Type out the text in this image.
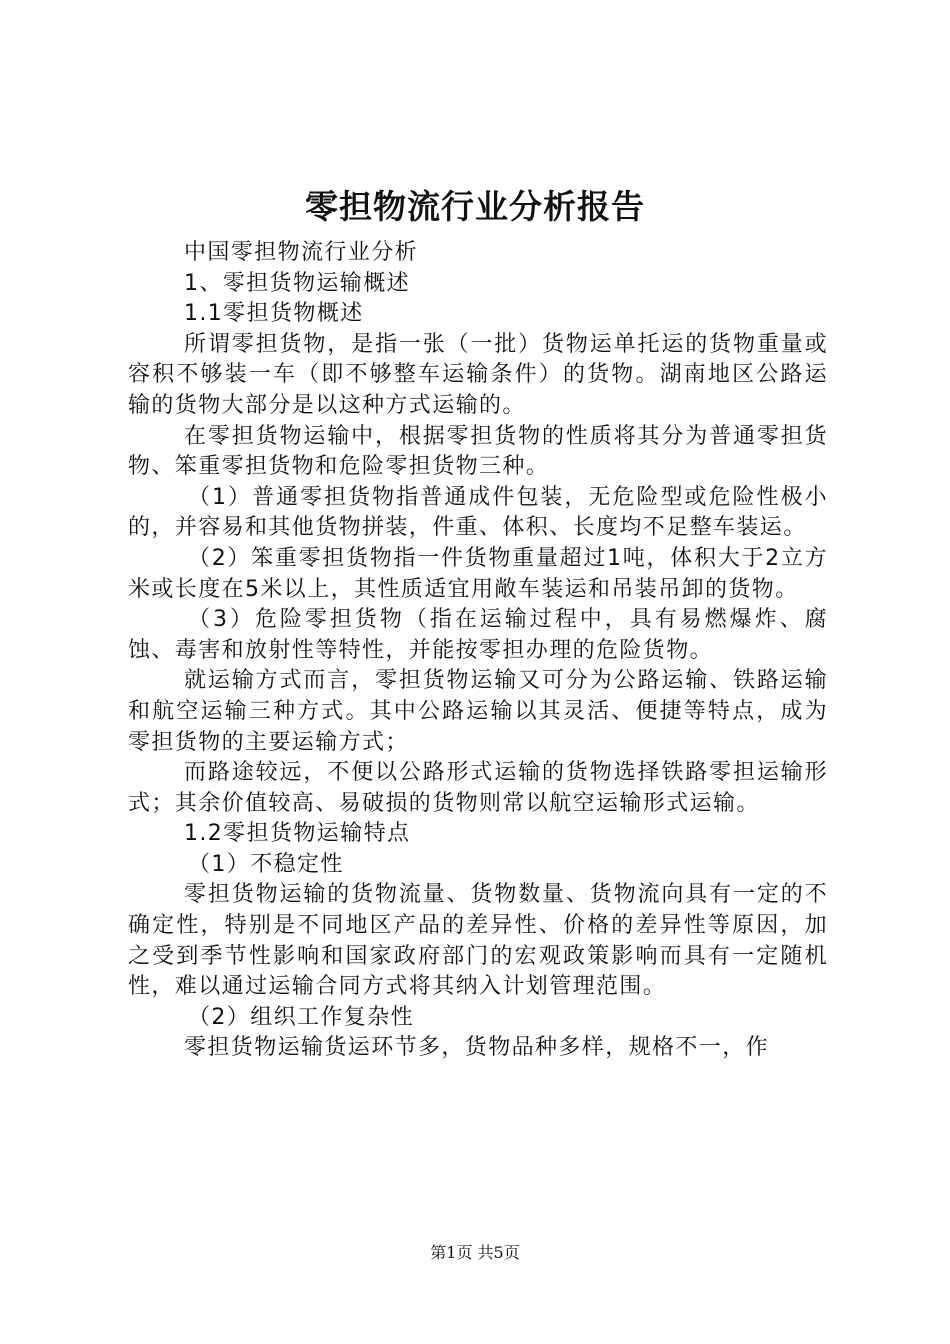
零担物流行业分析报告

中国零担物流行业分析

1、零担货物运输概述

1.1零担货物概述

所谓零担货物，是指一张（一批）货物运单托运的货物重量或容积不够装一车（即不够整车运输条件）的货物。湖南地区公路运输的货物大部分是以这种方式运输的。

在零担货物运输中，根据零担货物的性质将其分为普通零担货物、笨重零担货物和危险零担货物三种。

（1）普通零担货物指普通成件包装，无危险型或危险性极小的，并容易和其他货物拼装，件重、体积、长度均不足整车装运。

（2）笨重零担货物指一件货物重量超过1吨，体积大于2立方米或长度在5米以上，其性质适宜用敞车装运和吊装吊卸的货物。

（3）危险零担货物（指在运输过程中，具有易燃爆炸、腐蚀、毒害和放射性等特性，并能按零担办理的危险货物。

就运输方式而言，零担货物运输又可分为公路运输、铁路运输和航空运输三种方式。其中公路运输以其灵活、便捷等特点，成为零担货物的主要运输方式；

而路途较远，不便以公路形式运输的货物选择铁路零担运输形式；其余价值较高、易破损的货物则常以航空运输形式运输。

1.2零担货物运输特点

（1）不稳定性

零担货物运输的货物流量、货物数量、货物流向具有一定的不确定性，特别是不同地区产品的差异性、价格的差异性等原因，加之受到季节性影响和国家政府部门的宏观政策影响而具有一定随机性，难以通过运输合同方式将其纳入计划管理范围。

（2）组织工作复杂性

零担货物运输货运环节多，货物品种多样，规格不一，作

第1页 共5页
